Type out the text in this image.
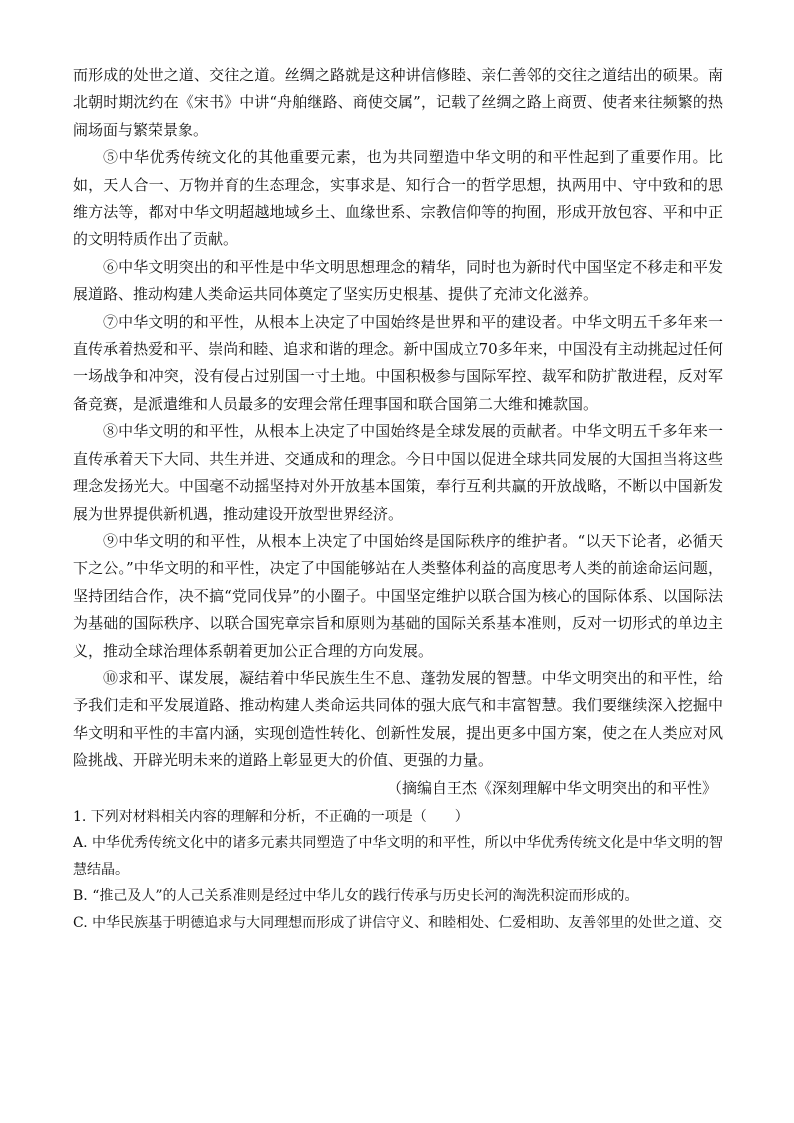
而形成的处世之道、交往之道。丝绸之路就是这种讲信修睦、亲仁善邻的交往之道结出的硕果。南北朝时期沈约在《宋书》中讲“舟舶继路、商使交属”，记载了丝绸之路上商贾、使者来往频繁的热闹场面与繁荣景象。

⑤中华优秀传统文化的其他重要元素，也为共同塑造中华文明的和平性起到了重要作用。比如，天人合一、万物并育的生态理念，实事求是、知行合一的哲学思想，执两用中、守中致和的思维方法等，都对中华文明超越地域乡土、血缘世系、宗教信仰等的拘囿，形成开放包容、平和中正的文明特质作出了贡献。

⑥中华文明突出的和平性是中华文明思想理念的精华，同时也为新时代中国坚定不移走和平发展道路、推动构建人类命运共同体奠定了坚实历史根基、提供了充沛文化滋养。

⑦中华文明的和平性，从根本上决定了中国始终是世界和平的建设者。中华文明五千多年来一直传承着热爱和平、崇尚和睦、追求和谐的理念。新中国成立70多年来，中国没有主动挑起过任何一场战争和冲突，没有侵占过别国一寸土地。中国积极参与国际军控、裁军和防扩散进程，反对军备竞赛，是派遣维和人员最多的安理会常任理事国和联合国第二大维和摊款国。

⑧中华文明的和平性，从根本上决定了中国始终是全球发展的贡献者。中华文明五千多年来一直传承着天下大同、共生并进、交通成和的理念。今日中国以促进全球共同发展的大国担当将这些理念发扬光大。中国毫不动摇坚持对外开放基本国策，奉行互利共赢的开放战略，不断以中国新发展为世界提供新机遇，推动建设开放型世界经济。

⑨中华文明的和平性，从根本上决定了中国始终是国际秩序的维护者。“以天下论者，必循天下之公。”中华文明的和平性，决定了中国能够站在人类整体利益的高度思考人类的前途命运问题，坚持团结合作，决不搞“党同伐异”的小圈子。中国坚定维护以联合国为核心的国际体系、以国际法为基础的国际秩序、以联合国宪章宗旨和原则为基础的国际关系基本准则，反对一切形式的单边主义，推动全球治理体系朝着更加公正合理的方向发展。

⑩求和平、谋发展，凝结着中华民族生生不息、蓬勃发展的智慧。中华文明突出的和平性，给予我们走和平发展道路、推动构建人类命运共同体的强大底气和丰富智慧。我们要继续深入挖掘中华文明和平性的丰富内涵，实现创造性转化、创新性发展，提出更多中国方案，使之在人类应对风险挑战、开辟光明未来的道路上彰显更大的价值、更强的力量。

（摘编自王杰《深刻理解中华文明突出的和平性》

1. 下列对材料相关内容的理解和分析，不正确的一项是（　　）

A. 中华优秀传统文化中的诸多元素共同塑造了中华文明的和平性，所以中华优秀传统文化是中华文明的智慧结晶。

B. “推己及人”的人己关系准则是经过中华儿女的践行传承与历史长河的淘洗积淀而形成的。

C. 中华民族基于明德追求与大同理想而形成了讲信守义、和睦相处、仁爱相助、友善邻里的处世之道、交
